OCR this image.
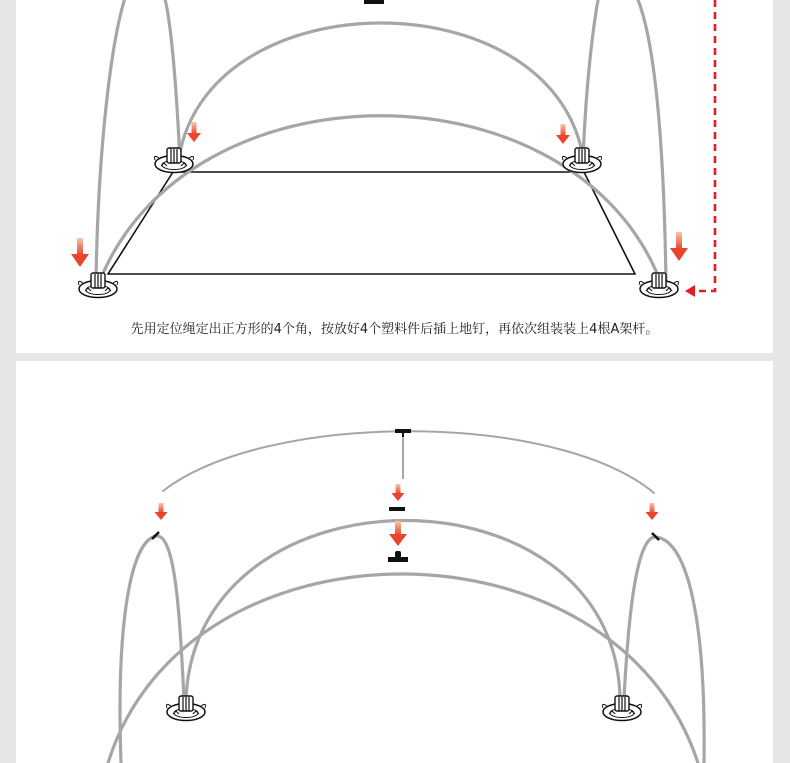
先用定位绳定出正方形的4个角，按放好4个塑料件后插上地钉，再依次组装装上4根A架杆。
